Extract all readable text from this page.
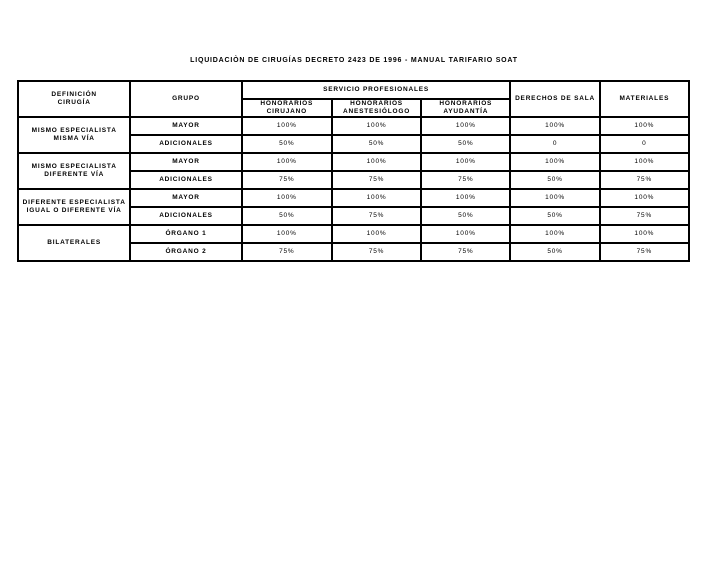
LIQUIDACIÒN DE CIRUGÍAS DECRETO 2423 DE 1996 - MANUAL TARIFARIO SOAT
DEFINICIÓN CIRUGÍA	GRUPO	SERVICIO PROFESIONALES			DERECHOS DE SALA	MATERIALES
		HONORARIOS CIRUJANO	HONORARIOS ANESTESIÓLOGO	HONORARIOS AYUDANTÍA		
MISMO ESPECIALISTA MISMA VÍA	MAYOR	100%	100%	100%	100%	100%
	ADICIONALES	50%	50%	50%	0	0
MISMO ESPECIALISTA DIFERENTE VÍA	MAYOR	100%	100%	100%	100%	100%
	ADICIONALES	75%	75%	75%	50%	75%
DIFERENTE ESPECIALISTA IGUAL O DIFERENTE VÍA	MAYOR	100%	100%	100%	100%	100%
	ADICIONALES	50%	75%	50%	50%	75%
BILATERALES	ÓRGANO 1	100%	100%	100%	100%	100%
	ÓRGANO 2	75%	75%	75%	50%	75%
